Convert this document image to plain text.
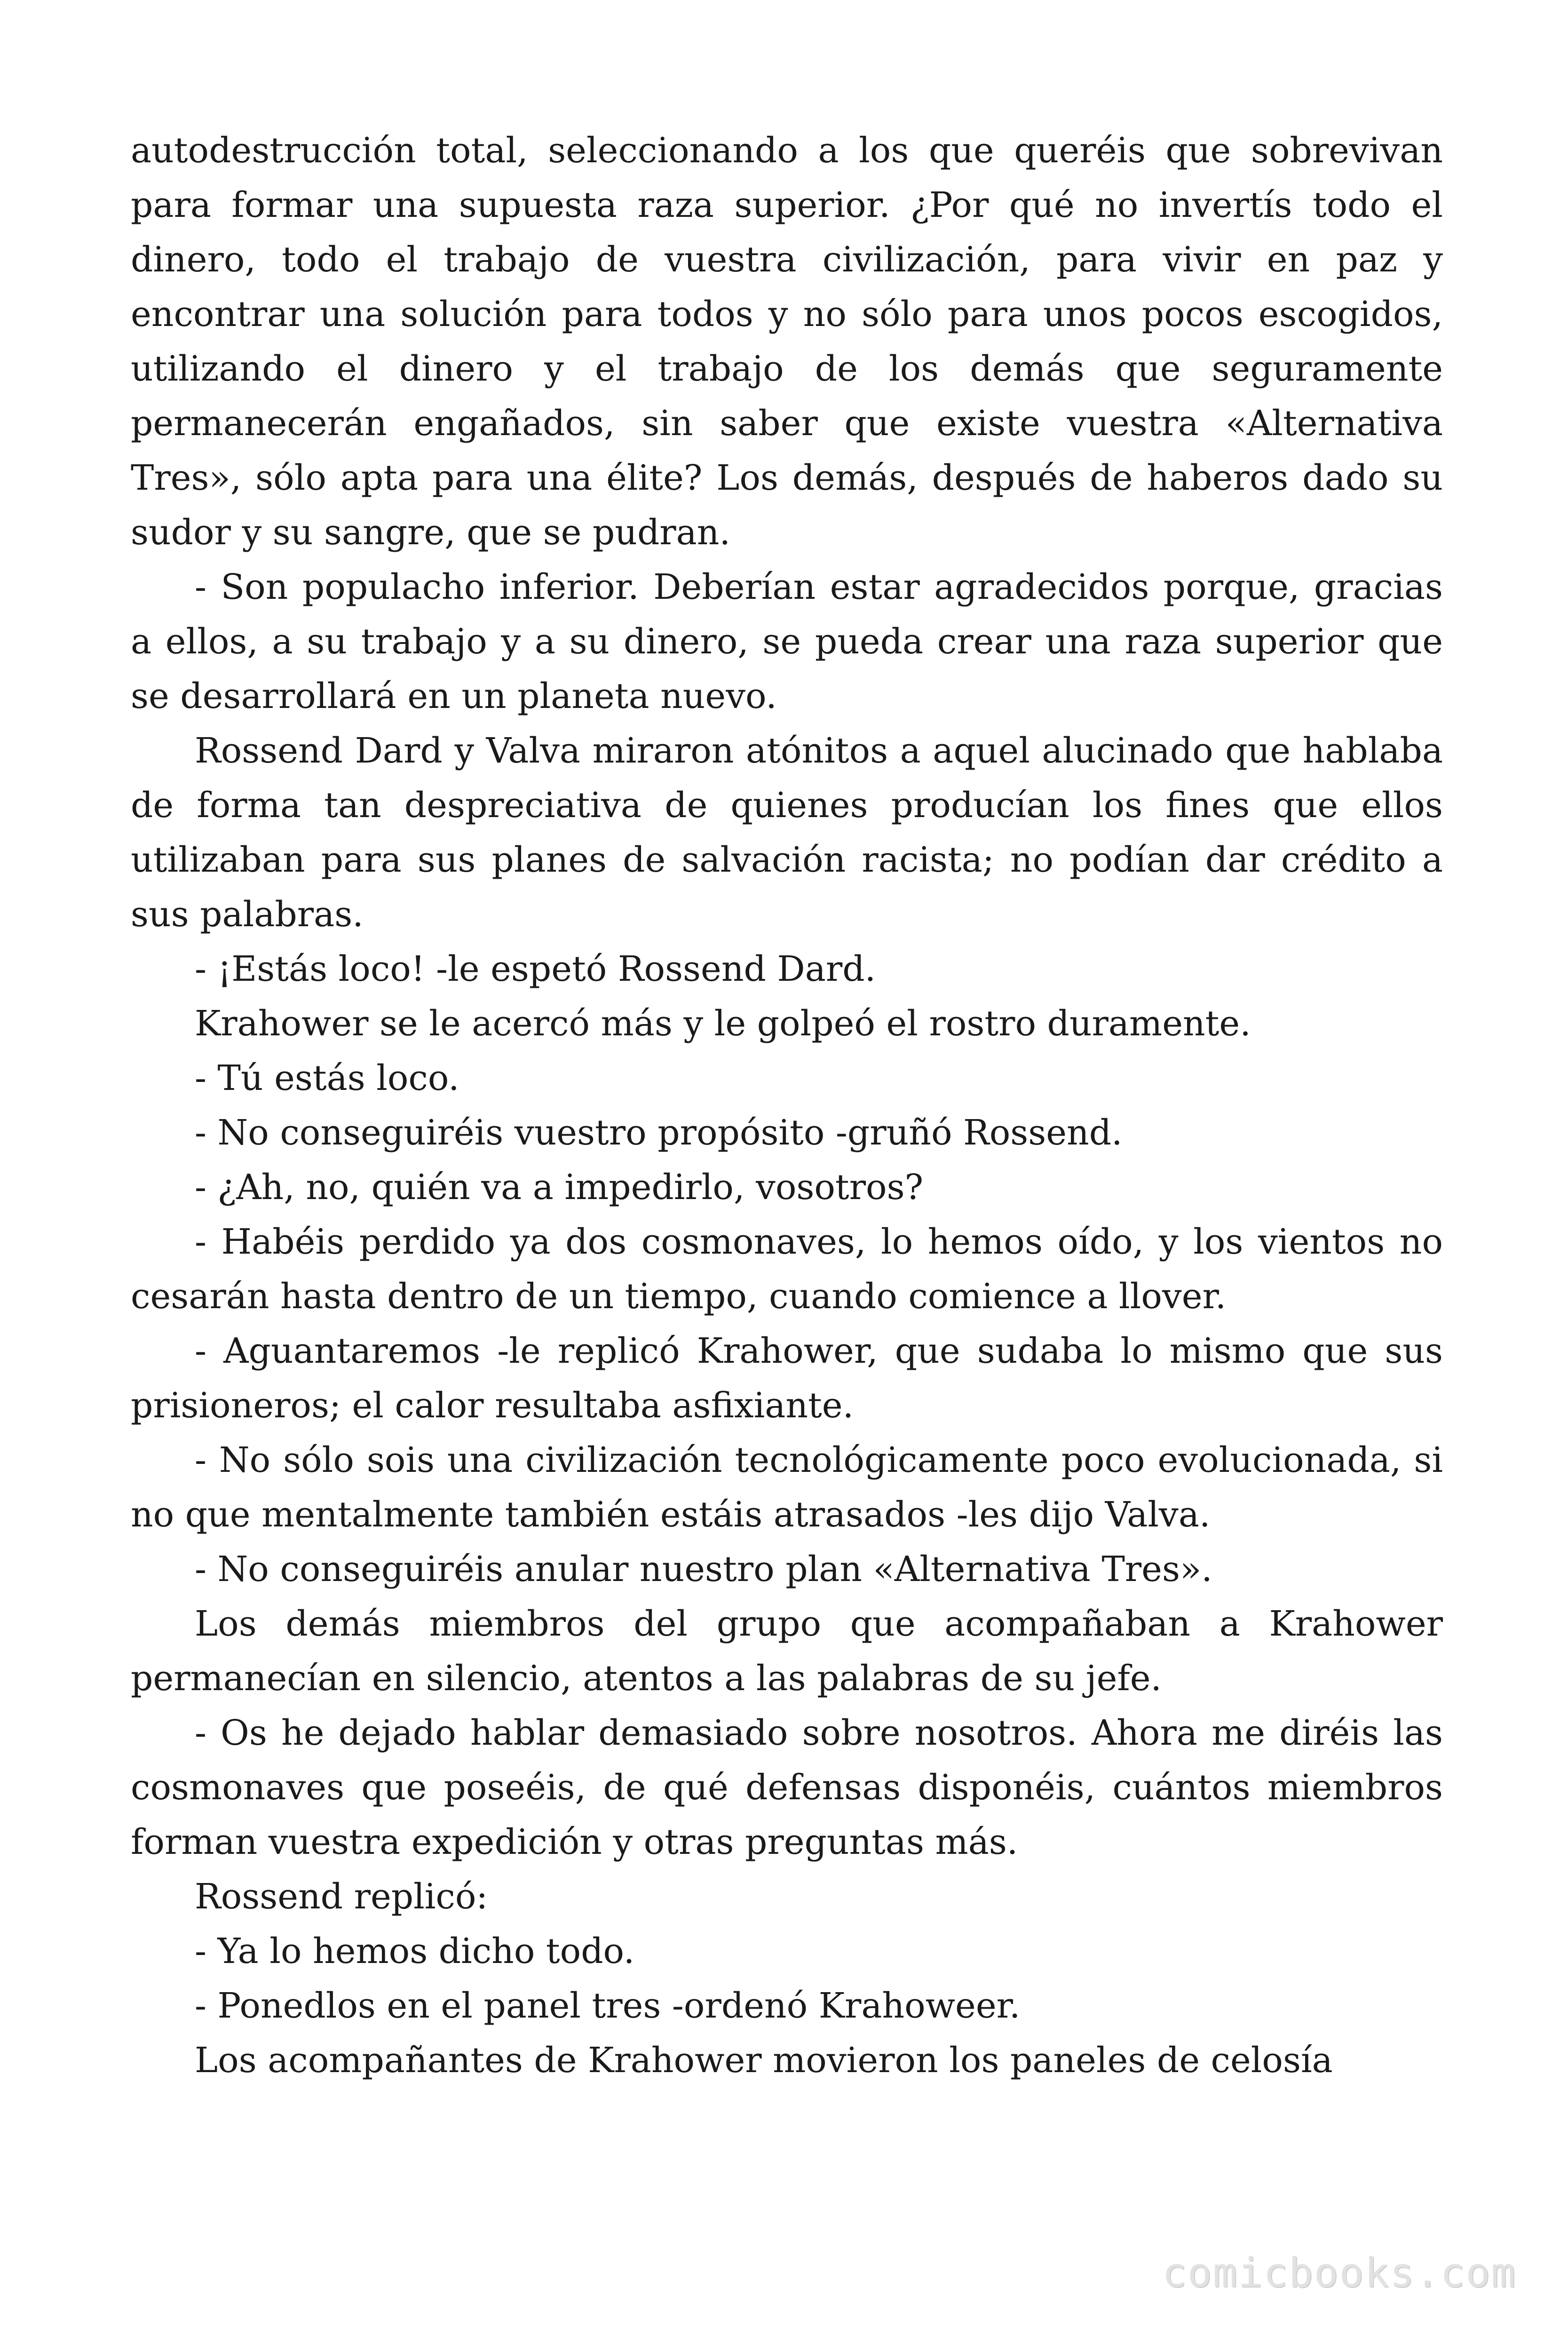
autodestrucción total, seleccionando a los que queréis que sobrevivan para formar una supuesta raza superior. ¿Por qué no invertís todo el dinero, todo el trabajo de vuestra civilización, para vivir en paz y encontrar una solución para todos y no sólo para unos pocos escogidos, utilizando el dinero y el trabajo de los demás que seguramente permanecerán engañados, sin saber que existe vuestra «Alternativa Tres», sólo apta para una élite? Los demás, después de haberos dado su sudor y su sangre, que se pudran.

- Son populacho inferior. Deberían estar agradecidos porque, gracias a ellos, a su trabajo y a su dinero, se pueda crear una raza superior que se desarrollará en un planeta nuevo.

Rossend Dard y Valva miraron atónitos a aquel alucinado que hablaba de forma tan despreciativa de quienes producían los fines que ellos utilizaban para sus planes de salvación racista; no podían dar crédito a sus palabras.

- ¡Estás loco! -le espetó Rossend Dard.

Krahower se le acercó más y le golpeó el rostro duramente.

- Tú estás loco.

- No conseguiréis vuestro propósito -gruñó Rossend.

- ¿Ah, no, quién va a impedirlo, vosotros?

- Habéis perdido ya dos cosmonaves, lo hemos oído, y los vientos no cesarán hasta dentro de un tiempo, cuando comience a llover.

- Aguantaremos -le replicó Krahower, que sudaba lo mismo que sus prisioneros; el calor resultaba asfixiante.

- No sólo sois una civilización tecnológicamente poco evolucionada, si no que mentalmente también estáis atrasados -les dijo Valva.

- No conseguiréis anular nuestro plan «Alternativa Tres».

Los demás miembros del grupo que acompañaban a Krahower permanecían en silencio, atentos a las palabras de su jefe.

- Os he dejado hablar demasiado sobre nosotros. Ahora me diréis las cosmonaves que poseéis, de qué defensas disponéis, cuántos miembros forman vuestra expedición y otras preguntas más.

Rossend replicó:

- Ya lo hemos dicho todo.

- Ponedlos en el panel tres -ordenó Krahoweer.

Los acompañantes de Krahower movieron los paneles de celosía

comicbooks.com
